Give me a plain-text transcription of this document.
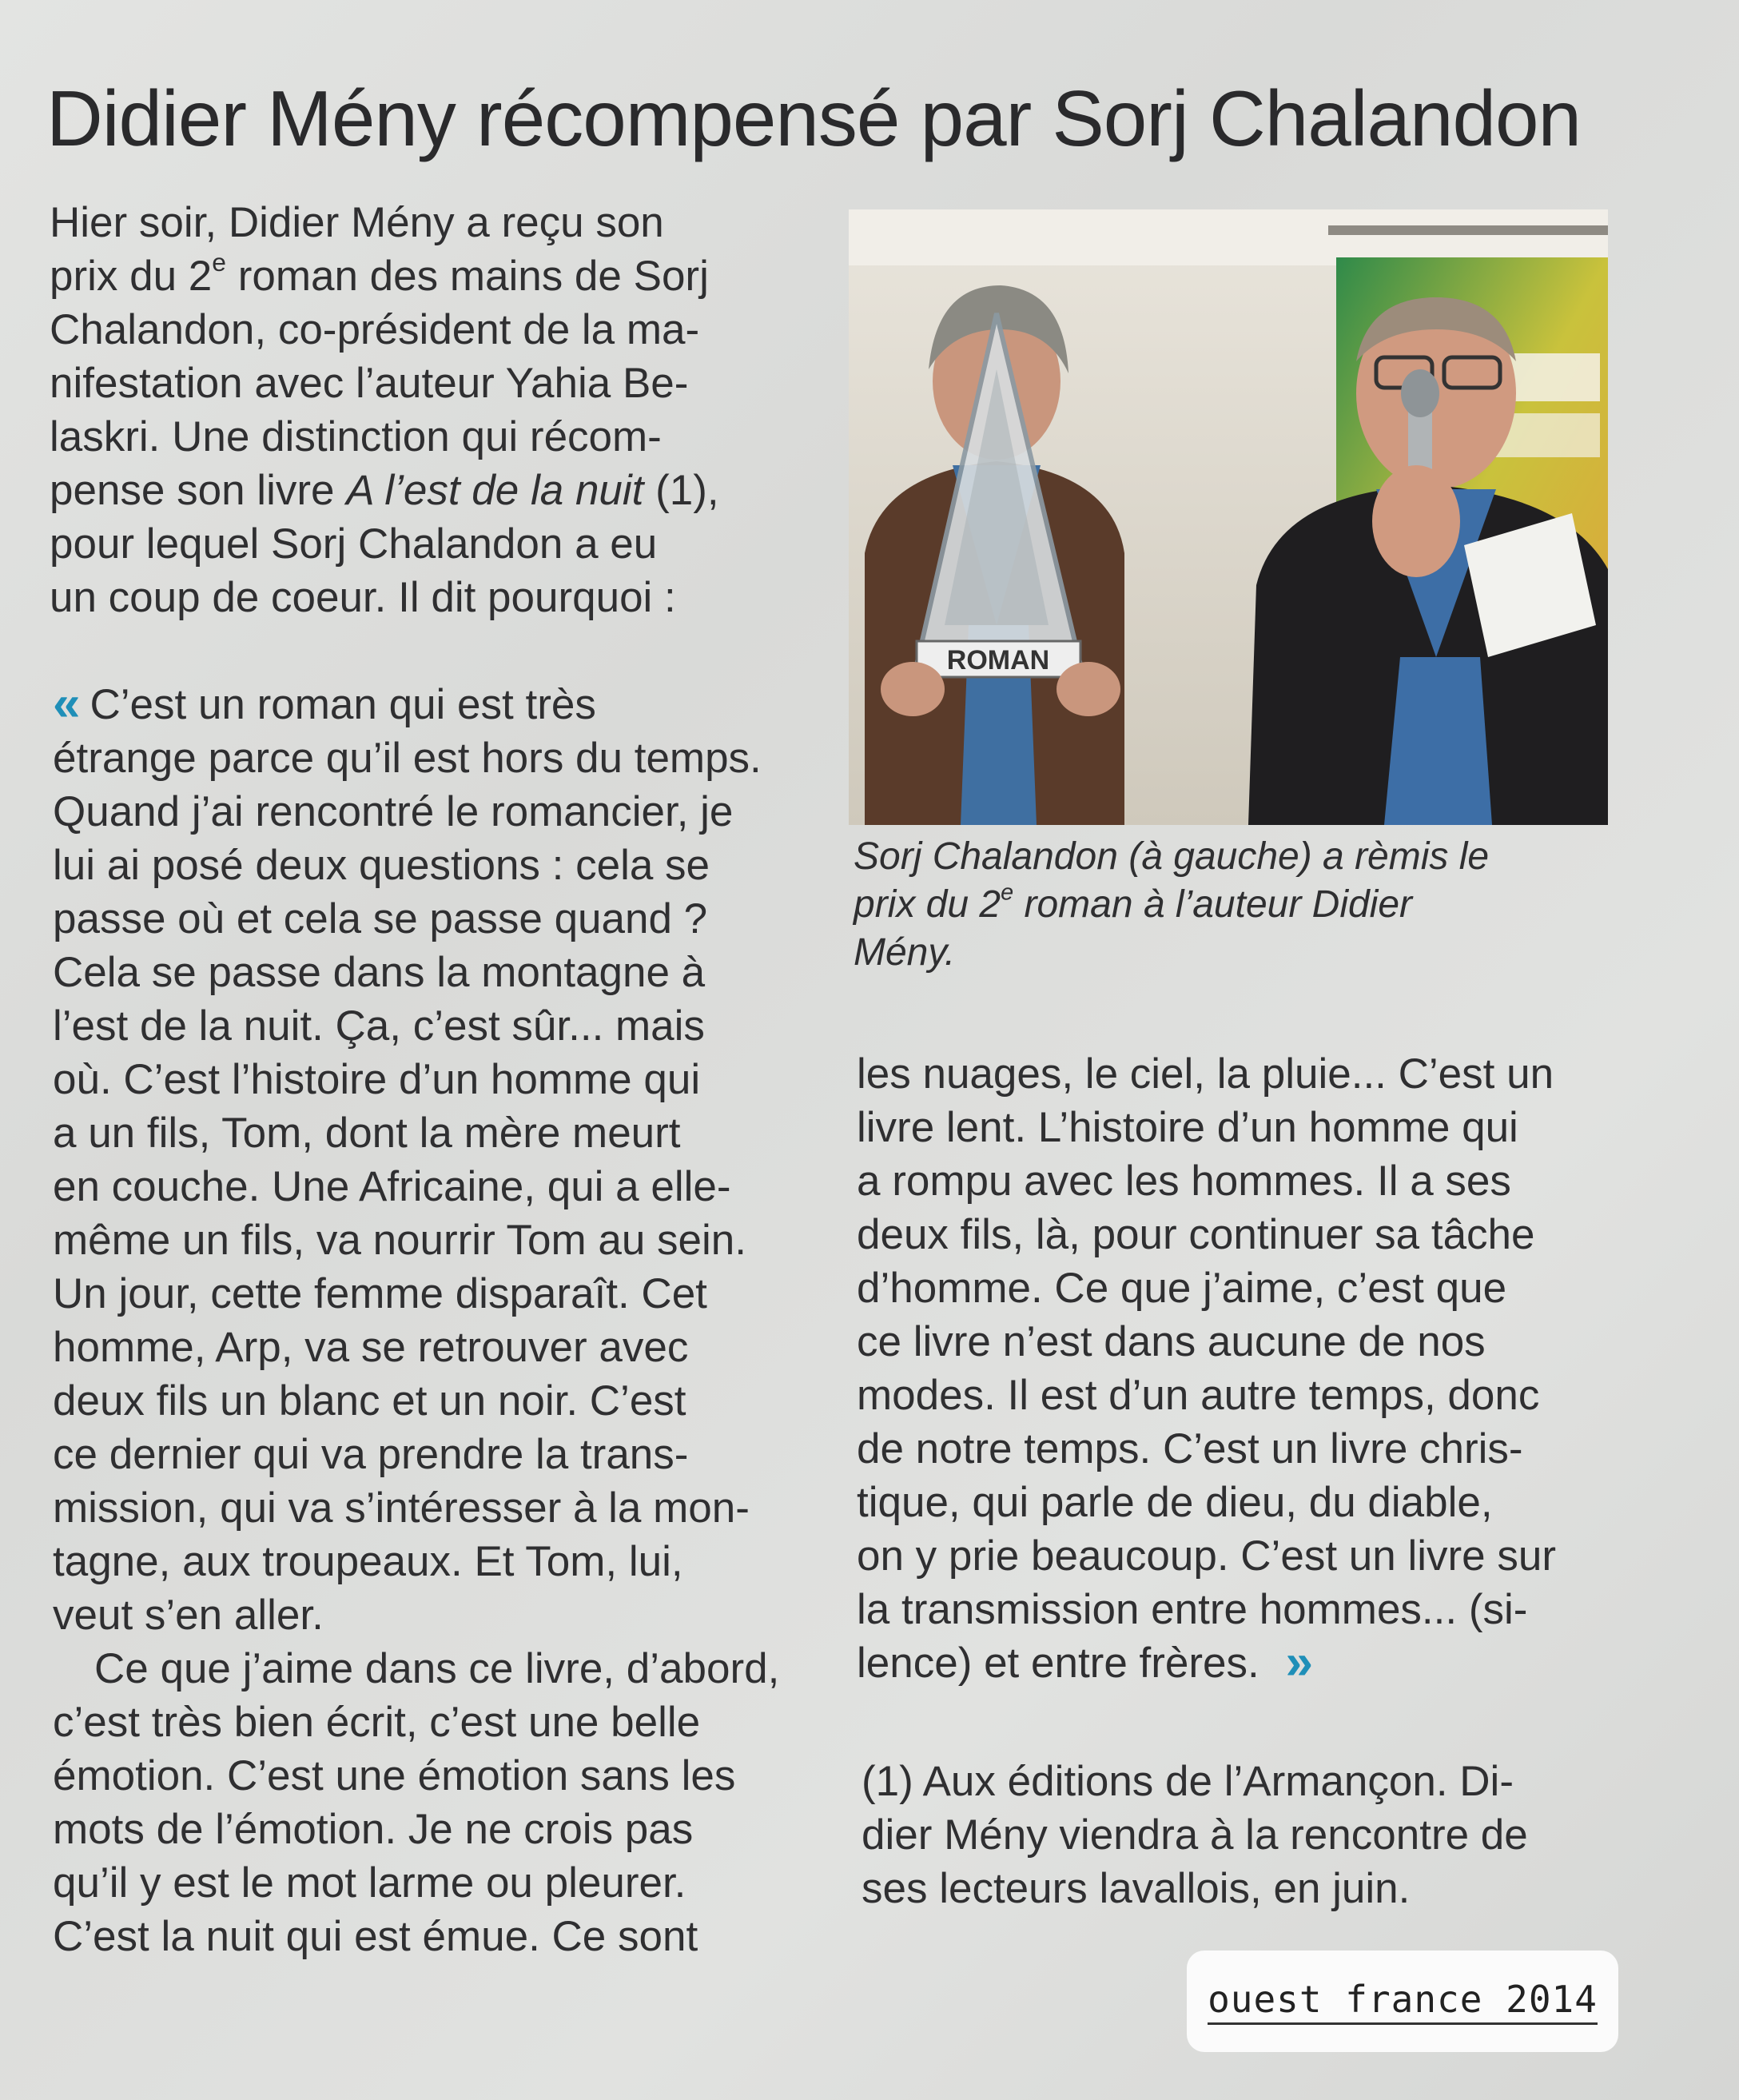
Didier Mény récompensé par Sorj Chalandon

Hier soir, Didier Mény a reçu son

prix du 2e roman des mains de Sorj

Chalandon, co-président de la ma-

nifestation avec l’auteur Yahia Be-

laskri. Une distinction qui récom-

pense son livre A l’est de la nuit (1),

pour lequel Sorj Chalandon a eu

un coup de coeur. Il dit pourquoi :

« C’est un roman qui est très

étrange parce qu’il est hors du temps.

Quand j’ai rencontré le romancier, je

lui ai posé deux questions : cela se

passe où et cela se passe quand ?

Cela se passe dans la montagne à

l’est de la nuit. Ça, c’est sûr... mais

où. C’est l’histoire d’un homme qui

a un fils, Tom, dont la mère meurt

en couche. Une Africaine, qui a elle-

même un fils, va nourrir Tom au sein.

Un jour, cette femme disparaît. Cet

homme, Arp, va se retrouver avec

deux fils un blanc et un noir. C’est

ce dernier qui va prendre la trans-

mission, qui va s’intéresser à la mon-

tagne, aux troupeaux. Et Tom, lui,

veut s’en aller.

Ce que j’aime dans ce livre, d’abord,

c’est très bien écrit, c’est une belle

émotion. C’est une émotion sans les

mots de l’émotion. Je ne crois pas

qu’il y est le mot larme ou pleurer.

C’est la nuit qui est émue. Ce sont

ROMAN
Sorj Chalandon (à gauche) a rèmis le
prix du 2e roman à l’auteur Didier
Mény.

les nuages, le ciel, la pluie... C’est un

livre lent. L’histoire d’un homme qui

a rompu avec les hommes. Il a ses

deux fils, là, pour continuer sa tâche

d’homme. Ce que j’aime, c’est que

ce livre n’est dans aucune de nos

modes. Il est d’un autre temps, donc

de notre temps. C’est un livre chris-

tique, qui parle de dieu, du diable,

on y prie beaucoup. C’est un livre sur

la transmission entre hommes... (si-

lence) et entre frères. »

(1) Aux éditions de l’Armançon. Di-

dier Mény viendra à la rencontre de

ses lecteurs lavallois, en juin.

ouest france 2014
